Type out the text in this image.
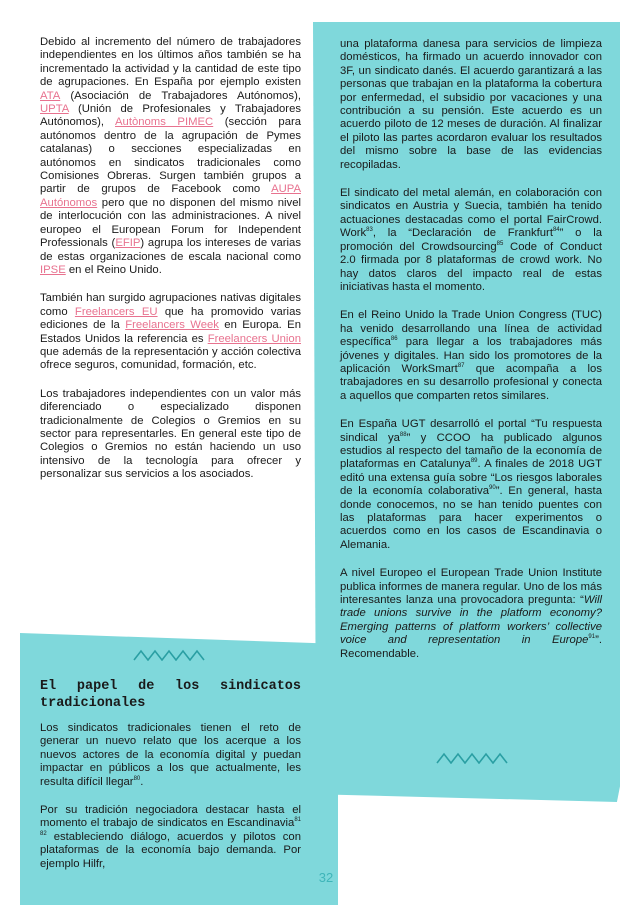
Debido al incremento del número de trabajadores independientes en los últimos años también se ha incrementado la actividad y la cantidad de este tipo de agrupaciones. En España por ejemplo existen ATA (Asociación de Trabajadores Autónomos), UPTA (Unión de Profesionales y Trabajadores Autónomos), Autònoms PIMEC (sección para autónomos dentro de la agrupación de Pymes catalanas) o secciones especializadas en autónomos en sindicatos tradicionales como Comisiones Obreras. Surgen también grupos a partir de grupos de Facebook como AUPA Autónomos pero que no disponen del mismo nivel de interlocución con las administraciones. A nivel europeo el European Forum for Independent Professionals (EFIP) agrupa los intereses de varias de estas organizaciones de escala nacional como IPSE en el Reino Unido.

También han surgido agrupaciones nativas digitales como Freelancers EU que ha promovido varias ediciones de la Freelancers Week en Europa. En Estados Unidos la referencia es Freelancers Union que además de la representación y acción colectiva ofrece seguros, comunidad, formación, etc.

Los trabajadores independientes con un valor más diferenciado o especializado disponen tradicionalmente de Colegios o Gremios en su sector para representarles. En general este tipo de Colegios o Gremios no están haciendo un uso intensivo de la tecnología para ofrecer y personalizar sus servicios a los asociados.

El papel de los sindicatos tradicionales

Los sindicatos tradicionales tienen el reto de generar un nuevo relato que los acerque a los nuevos actores de la economía digital y puedan impactar en públicos a los que actualmente, les resulta difícil llegar$^{80}$.

Por su tradición negociadora destacar hasta el momento el trabajo de sindicatos en Escandinavia$^{81 82}$ estableciendo diálogo, acuerdos y pilotos con plataformas de la economía bajo demanda. Por ejemplo Hilfr,

una plataforma danesa para servicios de limpieza domésticos, ha firmado un acuerdo innovador con 3F, un sindicato danés. El acuerdo garantizará a las personas que trabajan en la plataforma la cobertura por enfermedad, el subsidio por vacaciones y una contribución a su pensión. Este acuerdo es un acuerdo piloto de 12 meses de duración. Al finalizar el piloto las partes acordaron evaluar los resultados del mismo sobre la base de las evidencias recopiladas.

El sindicato del metal alemán, en colaboración con sindicatos en Austria y Suecia, también ha tenido actuaciones destacadas como el portal FairCrowd. Work$^{83}$, la “Declaración de Frankfurt$^{84}$” o la promoción del Crowdsourcing$^{85}$ Code of Conduct 2.0 firmada por 8 plataformas de crowd work. No hay datos claros del impacto real de estas iniciativas hasta el momento.

En el Reino Unido la Trade Union Congress (TUC) ha venido desarrollando una línea de actividad específica$^{86}$ para llegar a los trabajadores más jóvenes y digitales. Han sido los promotores de la aplicación WorkSmart$^{87}$ que acompaña a los trabajadores en su desarrollo profesional y conecta a aquellos que comparten retos similares.

En España UGT desarrolló el portal “Tu respuesta sindical $ya^{88}$” y CCOO ha publicado algunos estudios al respecto del tamaño de la economía de plataformas en Catalunya$^{89}$. A finales de 2018 UGT editó una extensa guía sobre “Los riesgos laborales de la economía colaborativa$^{90}$”. En general, hasta donde conocemos, no se han tenido puentes con las plataformas para hacer experimentos o acuerdos como en los casos de Escandinavia o Alemania.

A nivel Europeo el European Trade Union Institute publica informes de manera regular. Uno de los más interesantes lanza una provocadora pregunta: “Will trade unions survive in the platform economy? Emerging patterns of platform workers’ collective voice and representation in Europe$^{91}$”. Recomendable.

32
